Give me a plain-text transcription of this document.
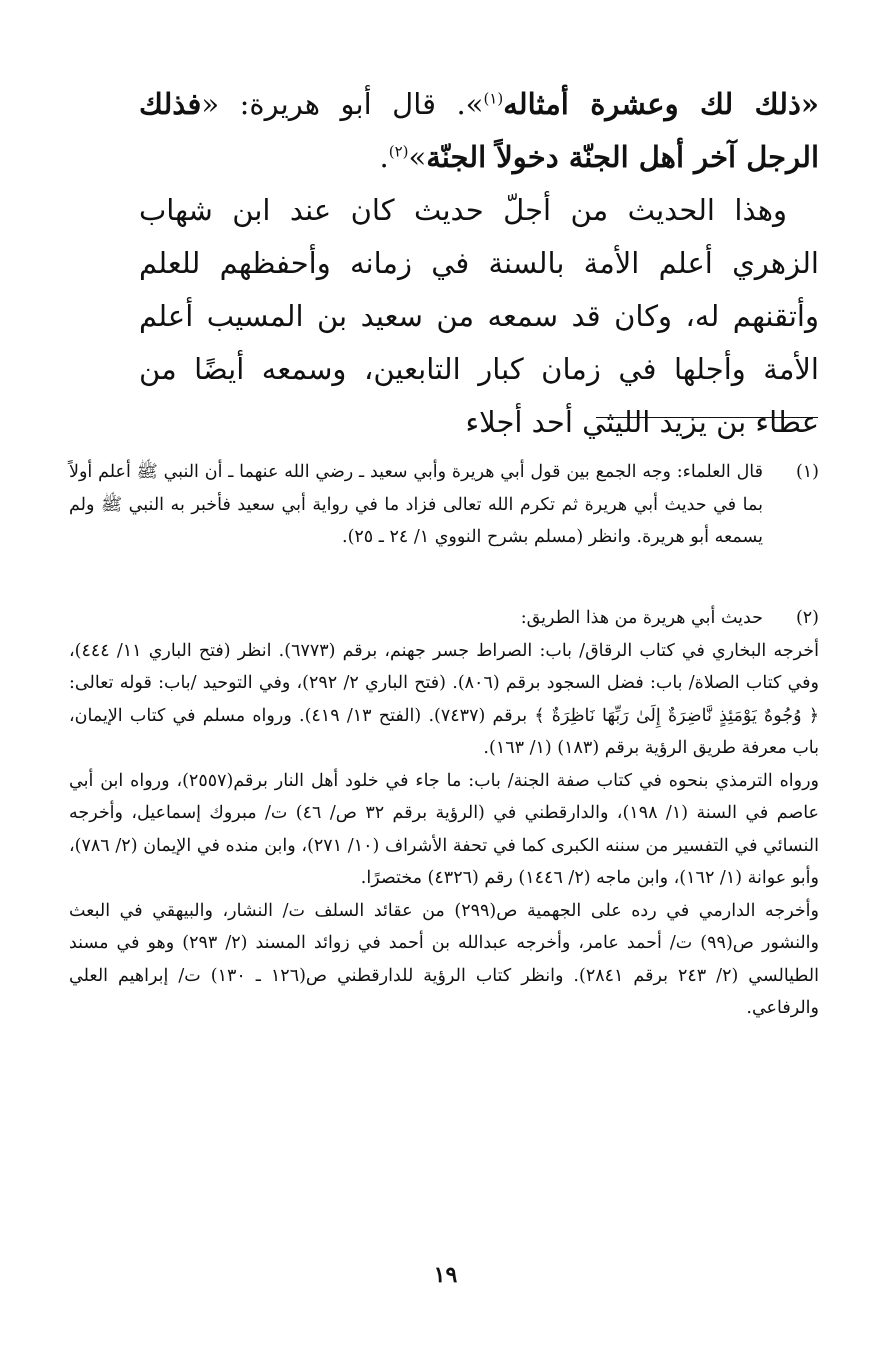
«ذلك لك وعشرة أمثاله$^{(١)}$». قال أبو هريرة: «فذلك الرجل آخر أهل الجنّة دخولاً الجنّة»$^{(٢)}$.

وهذا الحديث من أجلّ حديث كان عند ابن شهاب الزهري أعلم الأمة بالسنة في زمانه وأحفظهم للعلم وأتقنهم له، وكان قد سمعه من سعيد بن المسيب أعلم الأمة وأجلها في زمان كبار التابعين، وسمعه أيضًا من عطاء بن يزيد الليثي أحد أجلاء

(١)
قال العلماء: وجه الجمع بين قول أبي هريرة وأبي سعيد ـ رضي الله عنهما ـ أن النبي ﷺ أعلم أولاً بما في حديث أبي هريرة ثم تكرم الله تعالى فزاد ما في رواية أبي سعيد فأخبر به النبي ﷺ ولم يسمعه أبو هريرة. وانظر (مسلم بشرح النووي ١/ ٢٤ ـ ٢٥).
(٢)
حديث أبي هريرة من هذا الطريق:

أخرجه البخاري في كتاب الرقاق/ باب: الصراط جسر جهنم، برقم (٦٧٧٣). انظر (فتح الباري ١١/ ٤٤٤)، وفي كتاب الصلاة/ باب: فضل السجود برقم (٨٠٦). (فتح الباري ٢/ ٢٩٢)، وفي التوحيد /باب: قوله تعالى: ﴿ وُجُوهٌ يَوْمَئِذٍ نَّاضِرَةٌ إِلَىٰ رَبِّهَا نَاظِرَةٌ ﴾ برقم (٧٤٣٧). (الفتح ١٣/ ٤١٩). ورواه مسلم في كتاب الإيمان، باب معرفة طريق الرؤية برقم (١٨٣) (١/ ١٦٣).

ورواه الترمذي بنحوه في كتاب صفة الجنة/ باب: ما جاء في خلود أهل النار برقم(٢٥٥٧)، ورواه ابن أبي عاصم في السنة (١/ ١٩٨)، والدارقطني في (الرؤية برقم ٣٢ ص/ ٤٦) ت/ مبروك إسماعيل، وأخرجه النسائي في التفسير من سننه الكبرى كما في تحفة الأشراف (١٠/ ٢٧١)، وابن منده في الإيمان (٢/ ٧٨٦)، وأبو عوانة (١/ ١٦٢)، وابن ماجه (٢/ ١٤٤٦) رقم (٤٣٢٦) مختصرًا.

وأخرجه الدارمي في رده على الجهمية ص(٢٩٩) من عقائد السلف ت/ النشار، والبيهقي في البعث والنشور ص(٩٩) ت/ أحمد عامر، وأخرجه عبدالله بن أحمد في زوائد المسند (٢/ ٢٩٣) وهو في مسند الطيالسي (٢/ ٢٤٣ برقم ٢٨٤١). وانظر كتاب الرؤية للدارقطني ص(١٢٦ ـ ١٣٠) ت/ إبراهيم العلي والرفاعي.

١٩
